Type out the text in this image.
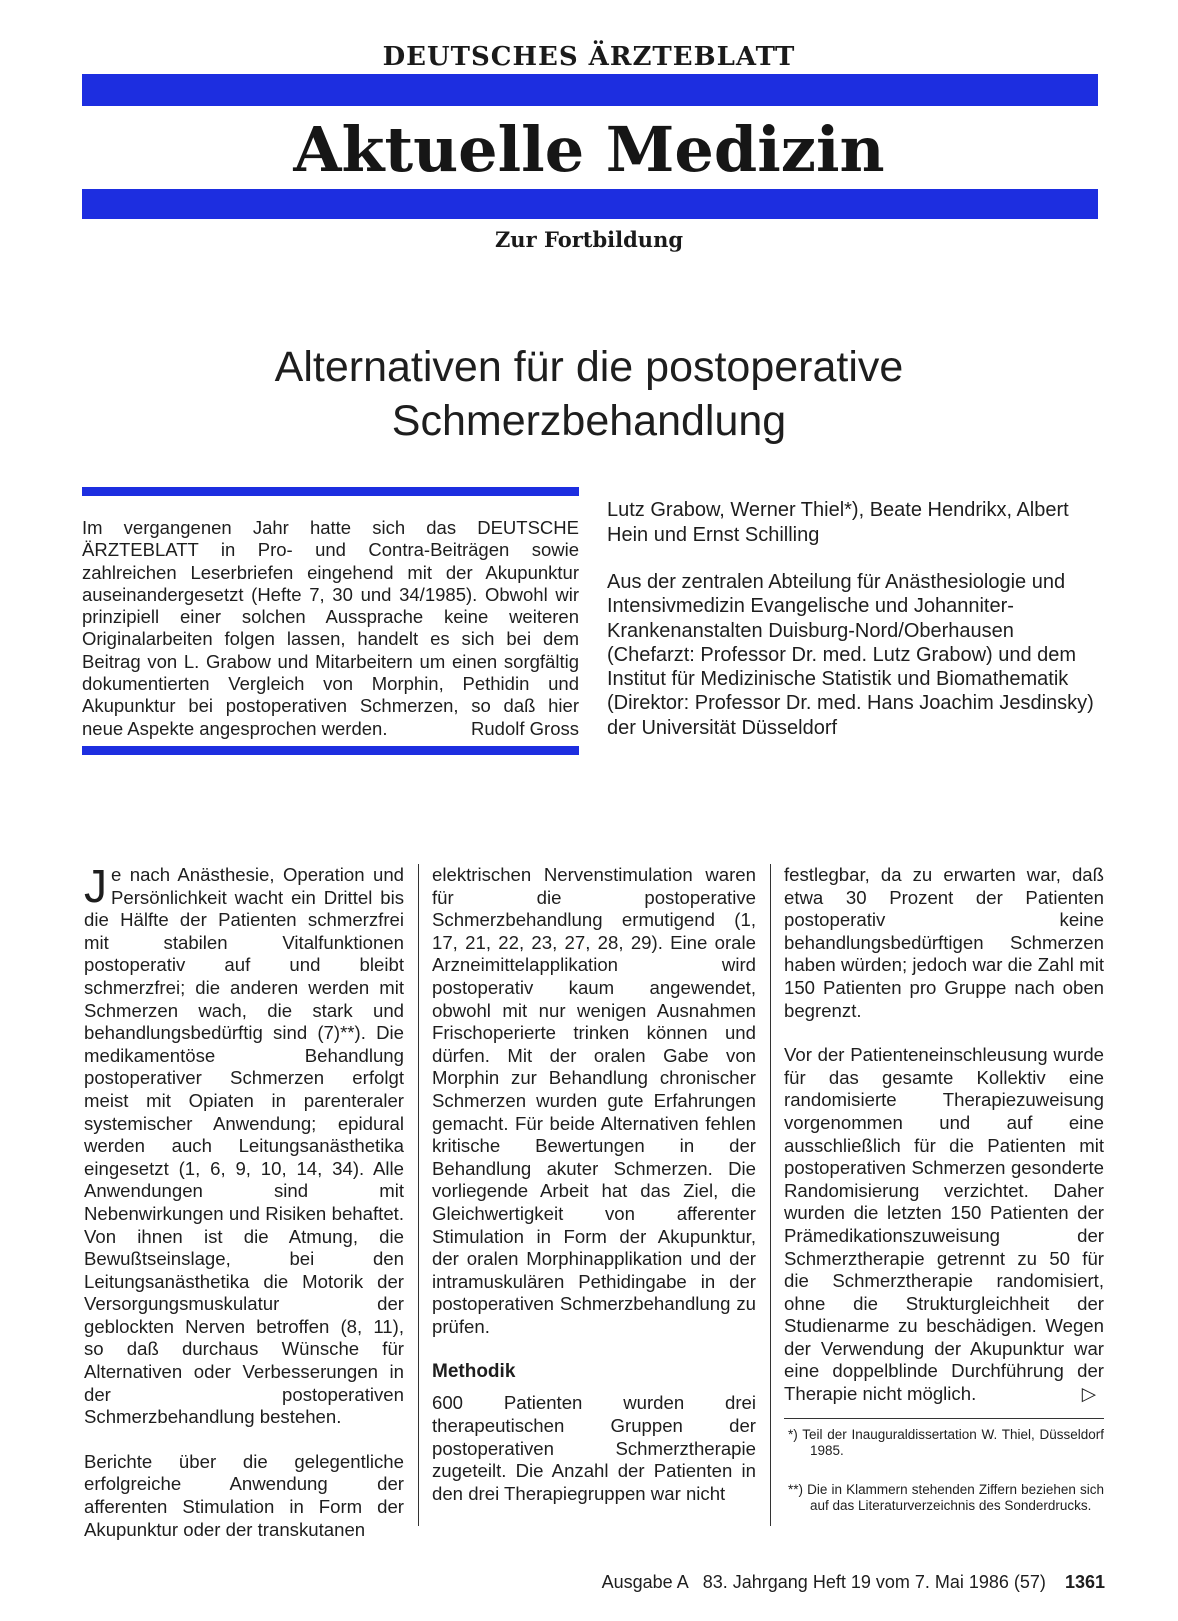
DEUTSCHES ÄRZTEBLATT
Aktuelle Medizin
Zur Fortbildung
Alternativen für die postoperative
Schmerzbehandlung
Im vergangenen Jahr hatte sich das DEUTSCHE ÄRZTEBLATT in Pro- und Contra-Beiträgen sowie zahlreichen Leserbriefen eingehend mit der Akupunktur auseinandergesetzt (Hefte 7, 30 und 34/1985). Obwohl wir prinzipiell einer solchen Aussprache keine weiteren Originalarbeiten folgen lassen, handelt es sich bei dem Beitrag von L. Grabow und Mitarbeitern um einen sorgfältig dokumentierten Vergleich von Morphin, Pethidin und Akupunktur bei postoperativen Schmerzen, so daß hier neue Aspekte angesprochen werden.	Rudolf Gross
Lutz Grabow, Werner Thiel*), Beate Hendrikx, Albert Hein und Ernst Schilling
Aus der zentralen Abteilung für Anästhesiologie und Intensivmedizin Evangelische und Johanniter-Krankenanstalten Duisburg-Nord/Oberhausen (Chefarzt: Professor Dr. med. Lutz Grabow) und dem Institut für Medizinische Statistik und Biomathematik (Direktor: Professor Dr. med. Hans Joachim Jesdinsky) der Universität Düsseldorf

Je nach Anästhesie, Operation und Persönlichkeit wacht ein Drittel bis die Hälfte der Patienten schmerzfrei mit stabilen Vitalfunktionen postoperativ auf und bleibt schmerzfrei; die anderen werden mit Schmerzen wach, die stark und behandlungsbedürftig sind (7)**). Die medikamentöse Behandlung postoperativer Schmerzen erfolgt meist mit Opiaten in parenteraler systemischer Anwendung; epidural werden auch Leitungsanästhetika eingesetzt (1, 6, 9, 10, 14, 34). Alle Anwendungen sind mit Nebenwirkungen und Risiken behaftet. Von ihnen ist die Atmung, die Bewußtseinslage, bei den Leitungsanästhetika die Motorik der Versorgungsmuskulatur der geblockten Nerven betroffen (8, 11), so daß durchaus Wünsche für Alternativen oder Verbesserungen in der postoperativen Schmerzbehandlung bestehen.

Berichte über die gelegentliche erfolgreiche Anwendung der afferenten Stimulation in Form der Akupunktur oder der transkutanen

elektrischen Nervenstimulation waren für die postoperative Schmerzbehandlung ermutigend (1, 17, 21, 22, 23, 27, 28, 29). Eine orale Arzneimittelapplikation wird postoperativ kaum angewendet, obwohl mit nur wenigen Ausnahmen Frischoperierte trinken können und dürfen. Mit der oralen Gabe von Morphin zur Behandlung chronischer Schmerzen wurden gute Erfahrungen gemacht. Für beide Alternativen fehlen kritische Bewertungen in der Behandlung akuter Schmerzen. Die vorliegende Arbeit hat das Ziel, die Gleichwertigkeit von afferenter Stimulation in Form der Akupunktur, der oralen Morphinapplikation und der intramuskulären Pethidingabe in der postoperativen Schmerzbehandlung zu prüfen.

Methodik

600 Patienten wurden drei therapeutischen Gruppen der postoperativen Schmerztherapie zugeteilt. Die Anzahl der Patienten in den drei Therapiegruppen war nicht

festlegbar, da zu erwarten war, daß etwa 30 Prozent der Patienten postoperativ keine behandlungsbedürftigen Schmerzen haben würden; jedoch war die Zahl mit 150 Patienten pro Gruppe nach oben begrenzt.

Vor der Patienteneinschleusung wurde für das gesamte Kollektiv eine randomisierte Therapiezuweisung vorgenommen und auf eine ausschließlich für die Patienten mit postoperativen Schmerzen gesonderte Randomisierung verzichtet. Daher wurden die letzten 150 Patienten der Prämedikationszuweisung der Schmerztherapie getrennt zu 50 für die Schmerztherapie randomisiert, ohne die Strukturgleichheit der Studienarme zu beschädigen. Wegen der Verwendung der Akupunktur war eine doppelblinde Durchführung der Therapie nicht möglich.	▷

*) Teil der Inauguraldissertation W. Thiel, Düsseldorf 1985.

**) Die in Klammern stehenden Ziffern beziehen sich auf das Literaturverzeichnis des Sonderdrucks.

Ausgabe A 83. Jahrgang Heft 19 vom 7. Mai 1986 (57) 1361
